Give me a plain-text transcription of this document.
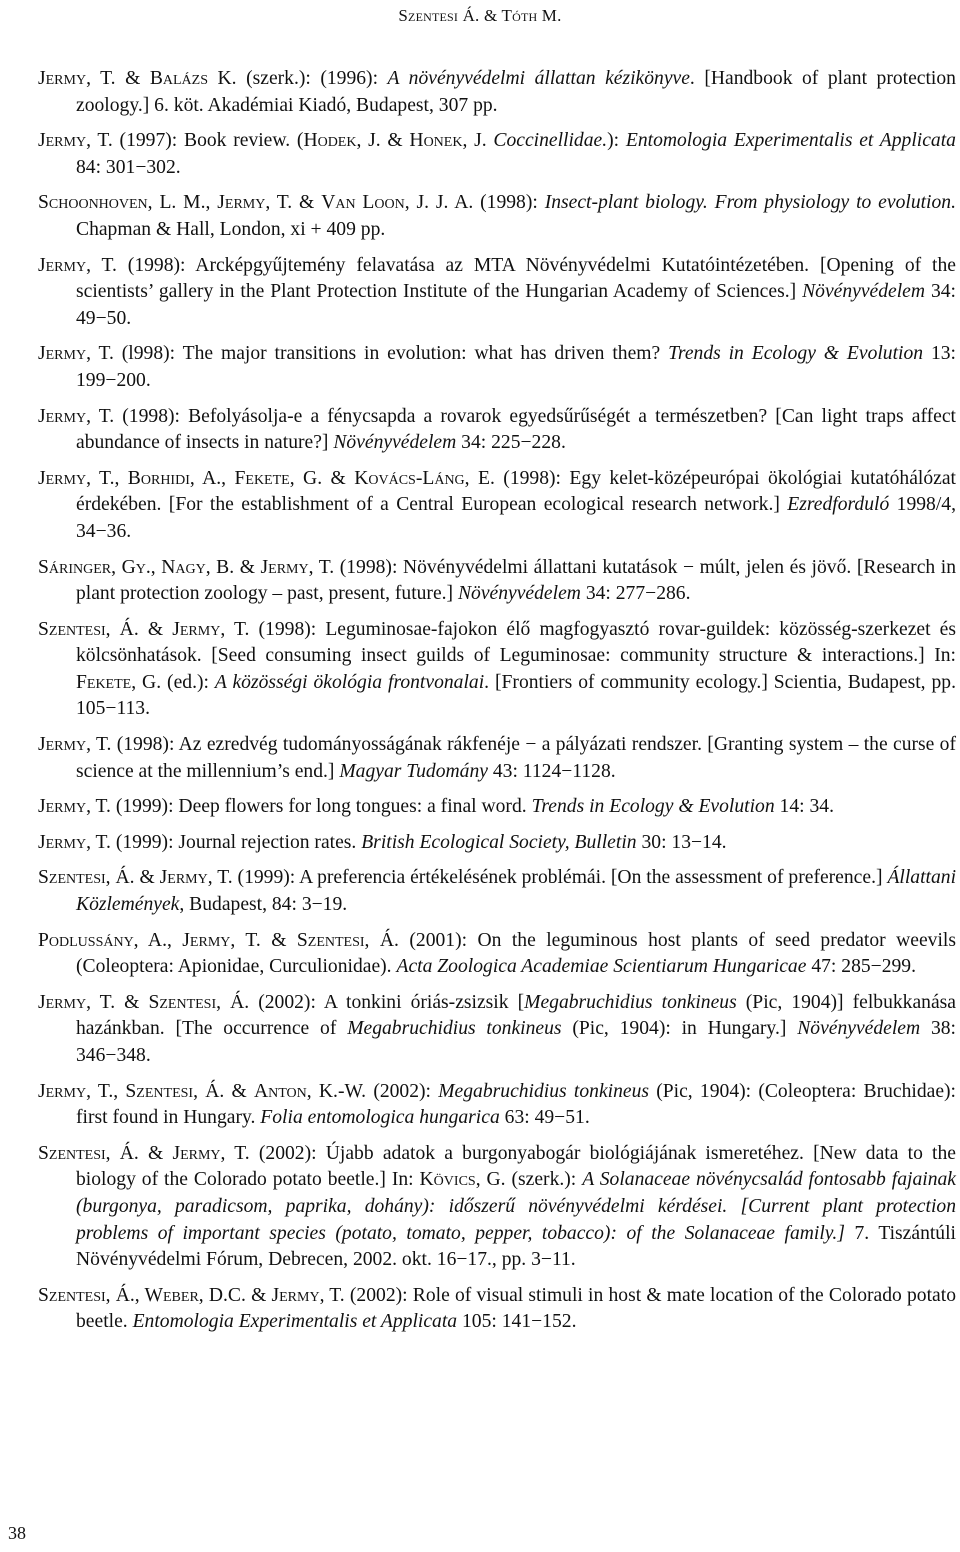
Szentesi Á. & Tóth M.

Jermy, T. & Balázs K. (szerk.): (1996): A növényvédelmi állattan kézikönyve. [Handbook of plant protection zoology.] 6. köt. Akadémiai Kiadó, Budapest, 307 pp.

Jermy, T. (1997): Book review. (Hodek, J. & Honek, J. Coccinellidae.): Entomologia Experimentalis et Applicata 84: 301−302.

Schoonhoven, L. M., Jermy, T. & Van Loon, J. J. A. (1998): Insect-plant biology. From physiology to evolution. Chapman & Hall, London, xi + 409 pp.

Jermy, T. (1998): Arcképgyűjtemény felavatása az MTA Növényvédelmi Kutatóintézetében. [Opening of the scientists’ gallery in the Plant Protection Institute of the Hungarian Academy of Sciences.] Növényvédelem 34: 49−50.

Jermy, T. (l998): The major transitions in evolution: what has driven them? Trends in Ecology & Evolution 13: 199−200.

Jermy, T. (1998): Befolyásolja-e a fénycsapda a rovarok egyedsűrűségét a természetben? [Can light traps affect abundance of insects in nature?] Növényvédelem 34: 225−228.

Jermy, T., Borhidi, A., Fekete, G. & Kovács-Láng, E. (1998): Egy kelet-középeurópai ökológiai kutatóhálózat érdekében. [For the establishment of a Central European ecological research network.] Ezredforduló 1998/4, 34−36.

Sáringer, Gy., Nagy, B. & Jermy, T. (1998): Növényvédelmi állattani kutatások − múlt, jelen és jövő. [Research in plant protection zoology – past, present, future.] Növényvédelem 34: 277−286.

Szentesi, Á. & Jermy, T. (1998): Leguminosae-fajokon élő magfogyasztó rovar-guildek: közösség-szerkezet és kölcsönhatások. [Seed consuming insect guilds of Leguminosae: community structure & interactions.] In: Fekete, G. (ed.): A közösségi ökológia frontvonalai. [Frontiers of community ecology.] Scientia, Budapest, pp. 105−113.

Jermy, T. (1998): Az ezredvég tudományosságának rákfenéje − a pályázati rendszer. [Granting system – the curse of science at the millennium’s end.] Magyar Tudomány 43: 1124−1128.

Jermy, T. (1999): Deep flowers for long tongues: a final word. Trends in Ecology & Evolution 14: 34.

Jermy, T. (1999): Journal rejection rates. British Ecological Society, Bulletin 30: 13−14.

Szentesi, Á. & Jermy, T. (1999): A preferencia értékelésének problémái. [On the assessment of preference.] Állattani Közlemények, Budapest, 84: 3−19.

Podlussány, A., Jermy, T. & Szentesi, Á. (2001): On the leguminous host plants of seed predator weevils (Coleoptera: Apionidae, Curculionidae). Acta Zoologica Academiae Scientiarum Hungaricae 47: 285−299.

Jermy, T. & Szentesi, Á. (2002): A tonkini óriás-zsizsik [Megabruchidius tonkineus (Pic, 1904)] felbukkanása hazánkban. [The occurrence of Megabruchidius tonkineus (Pic, 1904): in Hungary.] Növényvédelem 38: 346−348.

Jermy, T., Szentesi, Á. & Anton, K.-W. (2002): Megabruchidius tonkineus (Pic, 1904): (Coleoptera: Bruchidae): first found in Hungary. Folia entomologica hungarica 63: 49−51.

Szentesi, Á. & Jermy, T. (2002): Újabb adatok a burgonyabogár biológiájának ismeretéhez. [New data to the biology of the Colorado potato beetle.] In: Kövics, G. (szerk.): A Solanaceae növénycsalád fontosabb fajainak (burgonya, paradicsom, paprika, dohány): időszerű növényvédelmi kérdései. [Current plant protection problems of important species (potato, tomato, pepper, tobacco): of the Solanaceae family.] 7. Tiszántúli Növényvédelmi Fórum, Debrecen, 2002. okt. 16−17., pp. 3−11.

Szentesi, Á., Weber, D.C. & Jermy, T. (2002): Role of visual stimuli in host & mate location of the Colorado potato beetle. Entomologia Experimentalis et Applicata 105: 141−152.

38
